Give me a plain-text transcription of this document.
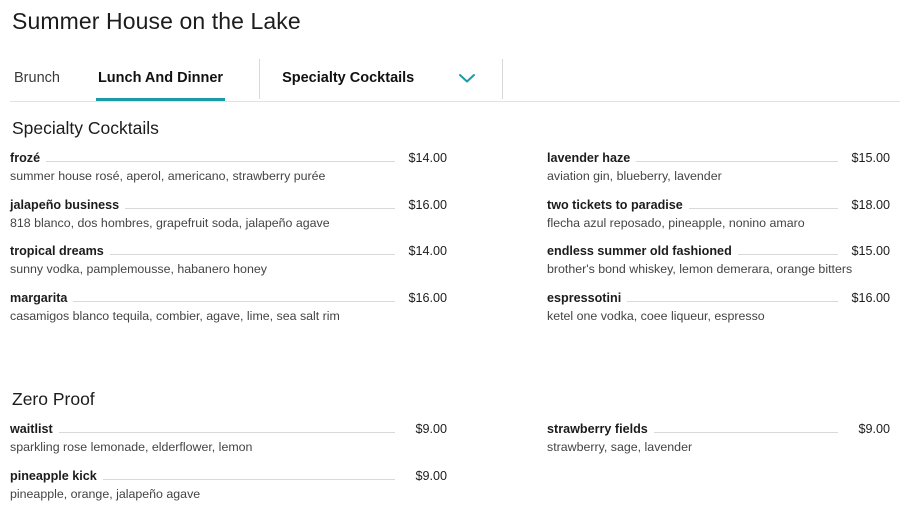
Summer House on the Lake
Brunch	Lunch And Dinner	Specialty Cocktails
Specialty Cocktails
frozé	$14.00
summer house rosé, aperol, americano, strawberry purée
jalapeño business	$16.00
818 blanco, dos hombres, grapefruit soda, jalapeño agave
tropical dreams	$14.00
sunny vodka, pamplemousse, habanero honey
margarita	$16.00
casamigos blanco tequila, combier, agave, lime, sea salt rim
lavender haze	$15.00
aviation gin, blueberry, lavender
two tickets to paradise	$18.00
flecha azul reposado, pineapple, nonino amaro
endless summer old fashioned	$15.00
brother's bond whiskey, lemon demerara, orange bitters
espressotini	$16.00
ketel one vodka, coee liqueur, espresso
Zero Proof
waitlist	$9.00
sparkling rose lemonade, elderflower, lemon
pineapple kick	$9.00
pineapple, orange, jalapeño agave
strawberry fields	$9.00
strawberry, sage, lavender
